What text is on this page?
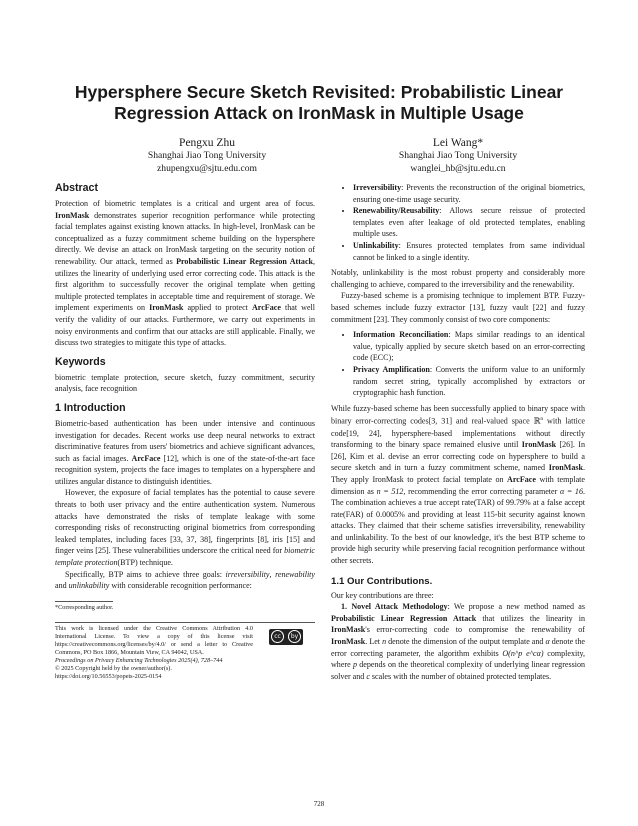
Hypersphere Secure Sketch Revisited: Probabilistic Linear Regression Attack on IronMask in Multiple Usage
Pengxu Zhu
Shanghai Jiao Tong University
zhupengxu@sjtu.edu.com
Lei Wang*
Shanghai Jiao Tong University
wanglei_hb@sjtu.edu.cn
Abstract

Protection of biometric templates is a critical and urgent area of focus. IronMask demonstrates superior recognition performance while protecting facial templates against existing known attacks. In high-level, IronMask can be conceptualized as a fuzzy commitment scheme building on the hypersphere directly. We devise an attack on IronMask targeting on the security notion of renewability. Our attack, termed as Probabilistic Linear Regression Attack, utilizes the linearity of underlying used error correcting code. This attack is the first algorithm to successfully recover the original template when getting multiple protected templates in acceptable time and requirement of storage. We implement experiments on IronMask applied to protect ArcFace that well verify the validity of our attacks. Furthermore, we carry out experiments in noisy environments and confirm that our attacks are still applicable. Finally, we discuss two strategies to mitigate this type of attacks.

Keywords

biometric template protection, secure sketch, fuzzy commitment, security analysis, face recognition

1 Introduction

Biometric-based authentication has been under intensive and continuous investigation for decades. Recent works use deep neural networks to extract discriminative features from users' biometrics and achieve significant advances, such as facial images. ArcFace [12], which is one of the state-of-the-art face recognition system, projects the face images to templates on a hypersphere and utilizes angular distance to distinguish identities.

However, the exposure of facial templates has the potential to cause severe threats to both user privacy and the entire authentication system. Numerous attacks have demonstrated the risks of template leakage with some corresponding risks of reconstructing original biometrics from corresponding leaked templates, including faces [33, 37, 38], fingerprints [8], iris [15] and finger veins [25]. These vulnerabilities underscore the critical need for biometric template protection(BTP) technique.

Specifically, BTP aims to achieve three goals: irreversibility, renewability and unlinkability with considerable recognition performance:

*Corresponding author.
This work is licensed under the Creative Commons Attribution 4.0 International License. To view a copy of this license visit https://creativecommons.org/licenses/by/4.0/ or send a letter to Creative Commons, PO Box 1866, Mountain View, CA 94042, USA.
cc	by
Proceedings on Privacy Enhancing Technologies 2025(4), 728–744
© 2025 Copyright held by the owner/author(s).
https://doi.org/10.56553/popets-2025-0154
• Irreversibility: Prevents the reconstruction of the original biometrics, ensuring one-time usage security.
• Renewability/Reusability: Allows secure reissue of protected templates even after leakage of old protected templates, enabling multiple uses.
• Unlinkability: Ensures protected templates from same individual cannot be linked to a single identity.

Notably, unlinkability is the most robust property and considerably more challenging to achieve, compared to the irreversibility and the renewability.

Fuzzy-based scheme is a promising technique to implement BTP. Fuzzy-based schemes include fuzzy extractor [13], fuzzy vault [22] and fuzzy commitment [23]. They commonly consist of two core components:

• Information Reconciliation: Maps similar readings to an identical value, typically applied by secure sketch based on an error-correcting code (ECC);
• Privacy Amplification: Converts the uniform value to an uniformly random secret string, typically accomplished by extractors or cryptographic hash function.

While fuzzy-based scheme has been successfully applied to binary space with binary error-correcting codes[3, 31] and real-valued space ℝ$^n$ with lattice code[19, 24], hypersphere-based implementations without directly transforming to the binary space remained elusive until IronMask [26]. In [26], Kim et al. devise an error correcting code on hypersphere to build a secure sketch and in turn a fuzzy commitment scheme, named IronMask. They apply IronMask to protect facial template on ArcFace with template dimension as n = 512, recommending the error correcting parameter α = 16. The combination achieves a true accept rate(TAR) of 99.79% at a false accept rate(FAR) of 0.0005% and providing at least 115-bit security against known attacks. They claimed that their scheme satisfies irreversibility, renewability and unlinkability. To the best of our knowledge, it's the best BTP scheme to provide high security while preserving facial recognition performance without other secrets.

1.1 Our Contributions.

Our key contributions are three:

1. Novel Attack Methodology: We propose a new method named as Probabilistic Linear Regression Attack that utilizes the linearity in IronMask's error-correcting code to compromise the renewability of IronMask. Let n denote the dimension of the output template and α denote the error correcting parameter, the algorithm exhibits O(n^p e^cα) complexity, where p depends on the theoretical complexity of underlying linear regression solver and c scales with the number of obtained protected templates.

728
